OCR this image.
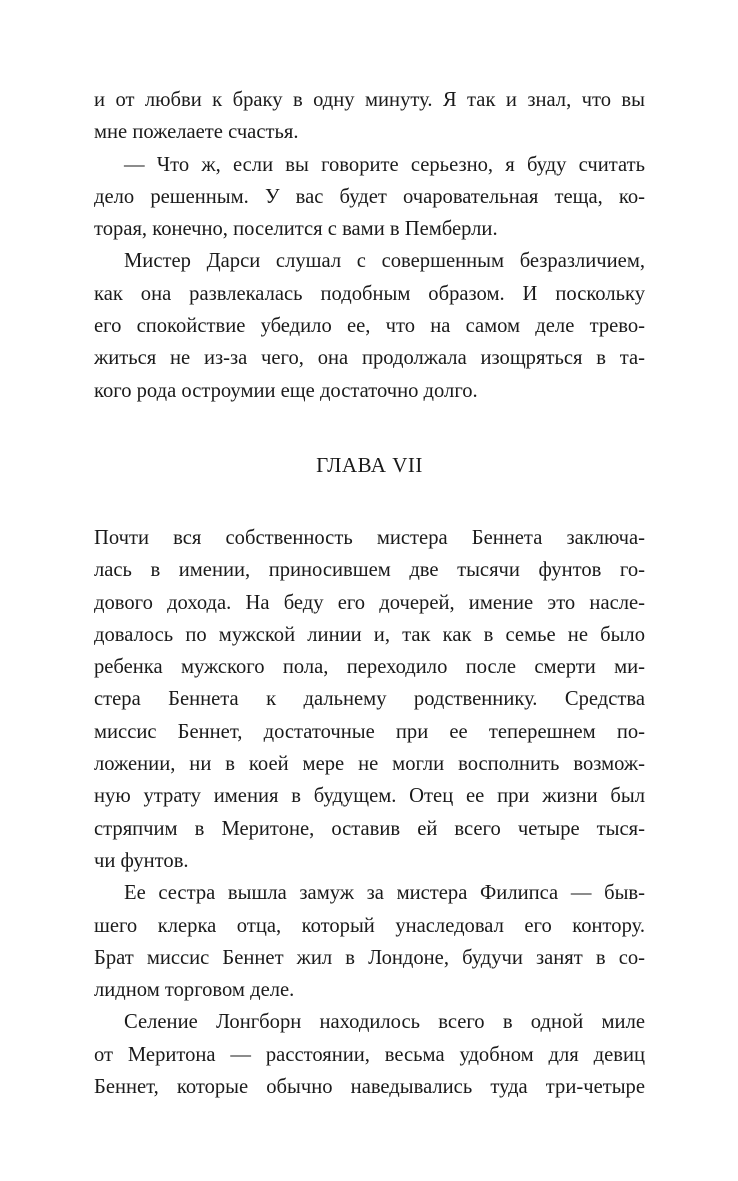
и от любви к браку в одну минуту. Я так и знал, что вы
мне пожелаете счастья.
— Что ж, если вы говорите серьезно, я буду считать
дело решенным. У вас будет очаровательная теща, ко-
торая, конечно, поселится с вами в Пемберли.
Мистер Дарси слушал с совершенным безразличием,
как она развлекалась подобным образом. И поскольку
его спокойствие убедило ее, что на самом деле трево-
житься не из-за чего, она продолжала изощряться в та-
кого рода остроумии еще достаточно долго.
ГЛАВА VII
Почти вся собственность мистера Беннета заключа-
лась в имении, приносившем две тысячи фунтов го-
дового дохода. На беду его дочерей, имение это насле-
довалось по мужской линии и, так как в семье не было
ребенка мужского пола, переходило после смерти ми-
стера Беннета к дальнему родственнику. Средства
миссис Беннет, достаточные при ее теперешнем по-
ложении, ни в коей мере не могли восполнить возмож-
ную утрату имения в будущем. Отец ее при жизни был
стряпчим в Меритоне, оставив ей всего четыре тыся-
чи фунтов.
Ее сестра вышла замуж за мистера Филипса — быв-
шего клерка отца, который унаследовал его контору.
Брат миссис Беннет жил в Лондоне, будучи занят в со-
лидном торговом деле.
Селение Лонгборн находилось всего в одной миле
от Меритона — расстоянии, весьма удобном для девиц
Беннет, которые обычно наведывались туда три-четыре
